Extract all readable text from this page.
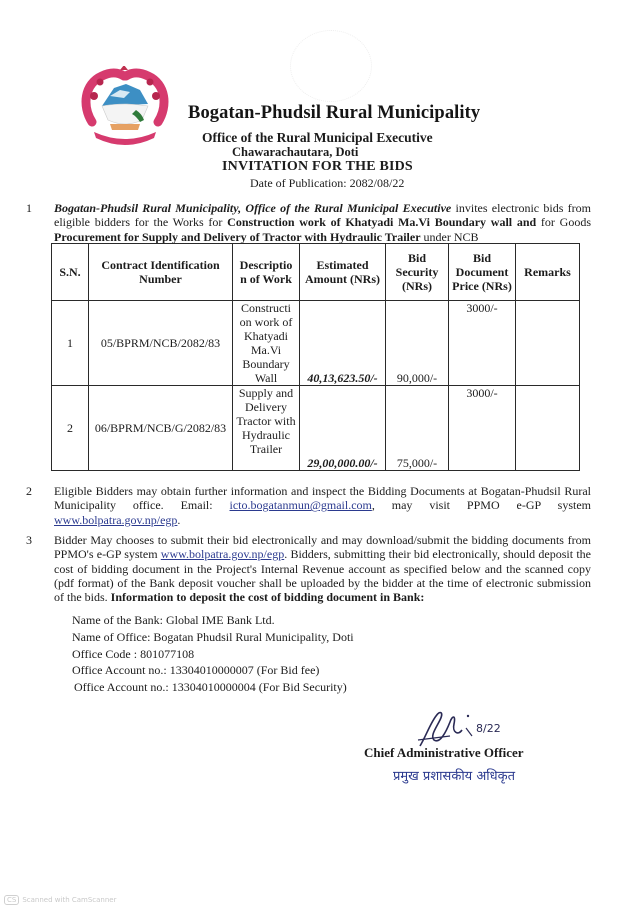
Bogatan-Phudsil Rural Municipality
Office of the Rural Municipal Executive
Chawarachautara, Doti
INVITATION FOR THE BIDS
Date of Publication: 2082/08/22
1 Bogatan-Phudsil Rural Municipality, Office of the Rural Municipal Executive invites electronic bids from eligible bidders for the Works for Construction work of Khatyadi Ma.Vi Boundary wall and for Goods Procurement for Supply and Delivery of Tractor with Hydraulic Trailer under NCB
S.N.	Contract Identification Number	Descriptio n of Work	Estimated Amount (NRs)	Bid Security (NRs)	Bid Document Price (NRs)	Remarks
1	05/BPRM/NCB/2082/83	Constructi on work of Khatyadi Ma.Vi Boundary Wall	40,13,623.50/-	90,000/-	3000/-	
2	06/BPRM/NCB/G/2082/83	Supply and Delivery Tractor with Hydraulic Trailer	29,00,000.00/-	75,000/-	3000/-	
2 Eligible Bidders may obtain further information and inspect the Bidding Documents at Bogatan-Phudsil Rural Municipality office. Email: icto.bogatanmun@gmail.com, may visit PPMO e-GP system www.bolpatra.gov.np/egp.
3 Bidder May chooses to submit their bid electronically and may download/submit the bidding documents from PPMO's e-GP system www.bolpatra.gov.np/egp. Bidders, submitting their bid electronically, should deposit the cost of bidding document in the Project's Internal Revenue account as specified below and the scanned copy (pdf format) of the Bank deposit voucher shall be uploaded by the bidder at the time of electronic submission of the bids. Information to deposit the cost of bidding document in Bank:
Name of the Bank: Global IME Bank Ltd.
Name of Office: Bogatan Phudsil Rural Municipality, Doti
Office Code : 801077108
Office Account no.: 13304010000007 (For Bid fee)
Office Account no.: 13304010000004 (For Bid Security)
8/22
Chief Administrative Officer
प्रमुख प्रशासकीय अधिकृत
CS Scanned with CamScanner
